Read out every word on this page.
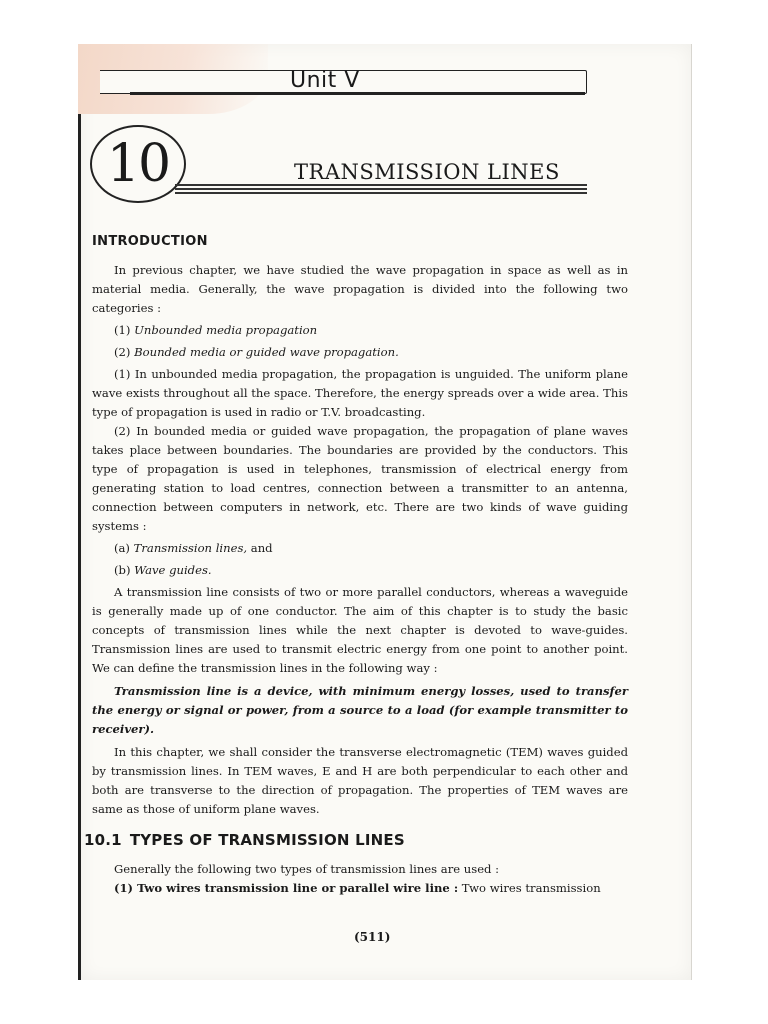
Unit V
10	TRANSMISSION LINES
INTRODUCTION

In previous chapter, we have studied the wave propagation in space as well as in material media. Generally, the wave propagation is divided into the following two categories :

(1) Unbounded media propagation
(2) Bounded media or guided wave propagation.

(1) In unbounded media propagation, the propagation is unguided. The uniform plane wave exists throughout all the space. Therefore, the energy spreads over a wide area. This type of propagation is used in radio or T.V. broadcasting.

(2) In bounded media or guided wave propagation, the propagation of plane waves takes place between boundaries. The boundaries are provided by the conductors. This type of propagation is used in telephones, transmission of electrical energy from generating station to load centres, connection between a transmitter to an antenna, connection between computers in network, etc. There are two kinds of wave guiding systems :

(a) Transmission lines, and
(b) Wave guides.

A transmission line consists of two or more parallel conductors, whereas a waveguide is generally made up of one conductor. The aim of this chapter is to study the basic concepts of transmission lines while the next chapter is devoted to wave-guides. Transmission lines are used to transmit electric energy from one point to another point. We can define the transmission lines in the following way :

Transmission line is a device, with minimum energy losses, used to transfer the energy or signal or power, from a source to a load (for example transmitter to receiver).

In this chapter, we shall consider the transverse electromagnetic (TEM) waves guided by transmission lines. In TEM waves, E and H are both perpendicular to each other and both are transverse to the direction of propagation. The properties of TEM waves are same as those of uniform plane waves.

10.1 TYPES OF TRANSMISSION LINES

Generally the following two types of transmission lines are used :

(1) Two wires transmission line or parallel wire line : Two wires transmission

(511)
